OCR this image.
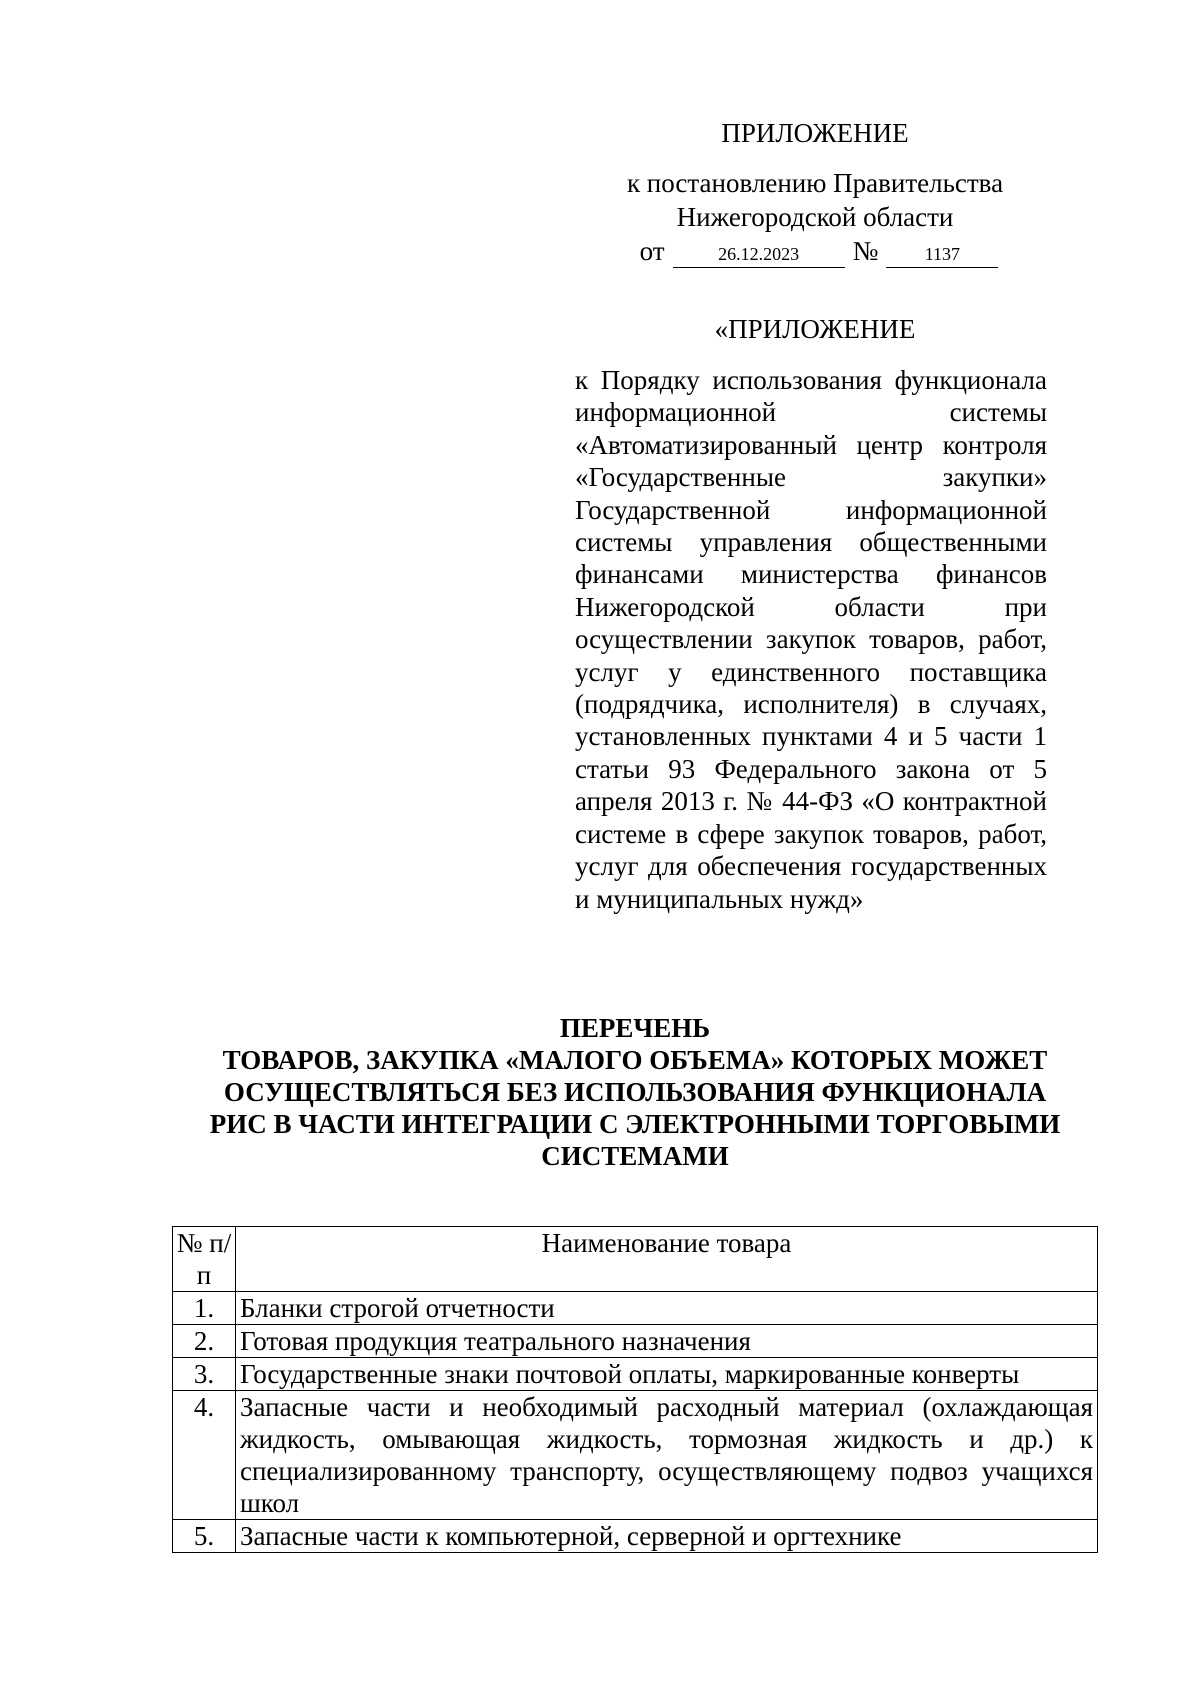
ПРИЛОЖЕНИЕ
к постановлению Правительства
Нижегородской области
от	26.12.2023	№	1137
«ПРИЛОЖЕНИЕ
к Порядку использования функционала информационной системы «Автоматизированный центр контроля «Государственные закупки» Государственной информационной системы управления общественными финансами министерства финансов Нижегородской области при осуществлении закупок товаров, работ, услуг у единственного поставщика (подрядчика, исполнителя) в случаях, установленных пунктами 4 и 5 части 1 статьи 93 Федерального закона от 5 апреля 2013 г. № 44-ФЗ «О контрактной системе в сфере закупок товаров, работ, услуг для обеспечения государственных и муниципальных нужд»
ПЕРЕЧЕНЬ
ТОВАРОВ, ЗАКУПКА «МАЛОГО ОБЪЕМА» КОТОРЫХ МОЖЕТ
ОСУЩЕСТВЛЯТЬСЯ БЕЗ ИСПОЛЬЗОВАНИЯ ФУНКЦИОНАЛА
РИС В ЧАСТИ ИНТЕГРАЦИИ С ЭЛЕКТРОННЫМИ ТОРГОВЫМИ
СИСТЕМАМИ
№ п/п	Наименование товара
1.	Бланки строгой отчетности
2.	Готовая продукция театрального назначения
3.	Государственные знаки почтовой оплаты, маркированные конверты
4.	Запасные части и необходимый расходный материал (охлаждающая жидкость, омывающая жидкость, тормозная жидкость и др.) к специализированному транспорту, осуществляющему подвоз учащихся школ
5.	Запасные части к компьютерной, серверной и оргтехнике
